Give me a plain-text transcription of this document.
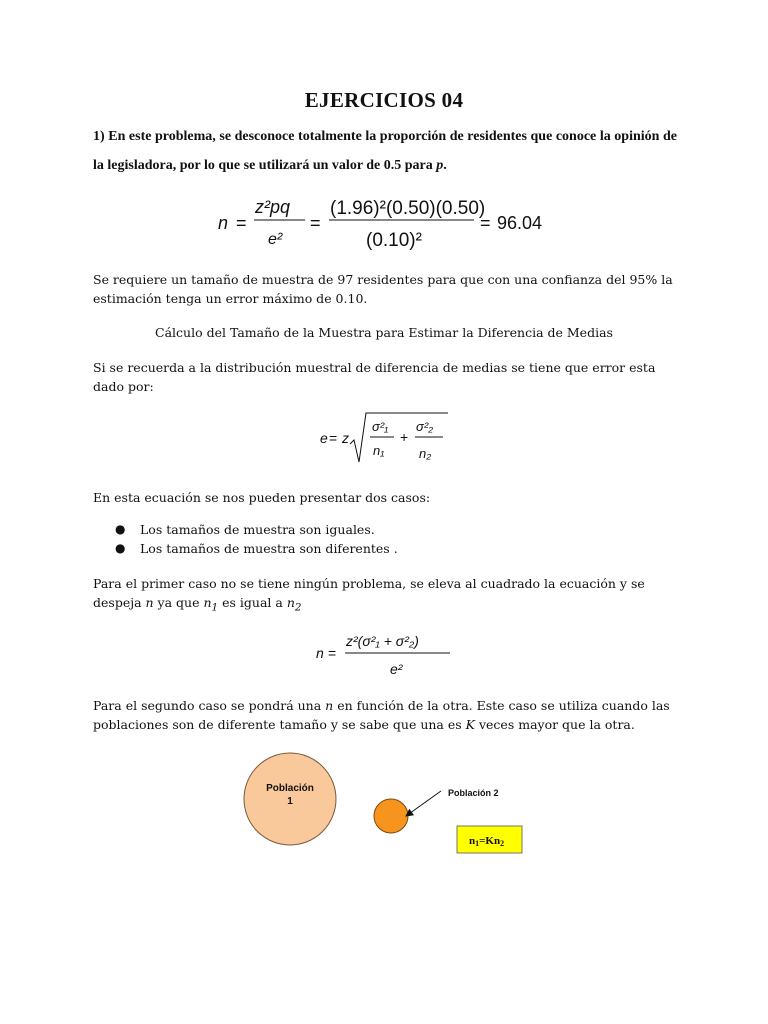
EJERCICIOS 04
1) En este problema, se desconoce totalmente la proporción de residentes que conoce la opinión de la legisladora, por lo que se utilizará un valor de 0.5 para p.
n =
z²pq
e²
=
(1.96)²(0.50)(0.50)
(0.10)²
= 96.04
Se requiere un tamaño de muestra de 97 residentes para que con una confianza del 95% la estimación tenga un error máximo de 0.10.
Cálculo del Tamaño de la Muestra para Estimar la Diferencia de Medias
Si se recuerda a la distribución muestral de diferencia de medias se tiene que error esta dado por:
e = z
σ²₁
n₁
+
σ²₂
n₂
En esta ecuación se nos pueden presentar dos casos:
● Los tamaños de muestra son iguales.
● Los tamaños de muestra son diferentes .
Para el primer caso no se tiene ningún problema, se eleva al cuadrado la ecuación y se despeja n ya que $n_1$ es igual a $n_2$
n =
z²(σ²₁ + σ²₂)
e²
Para el segundo caso se pondrá una n en función de la otra. Este caso se utiliza cuando las poblaciones son de diferente tamaño y se sabe que una es K veces mayor que la otra.
Población
1
Población 2
n1=Kn2
